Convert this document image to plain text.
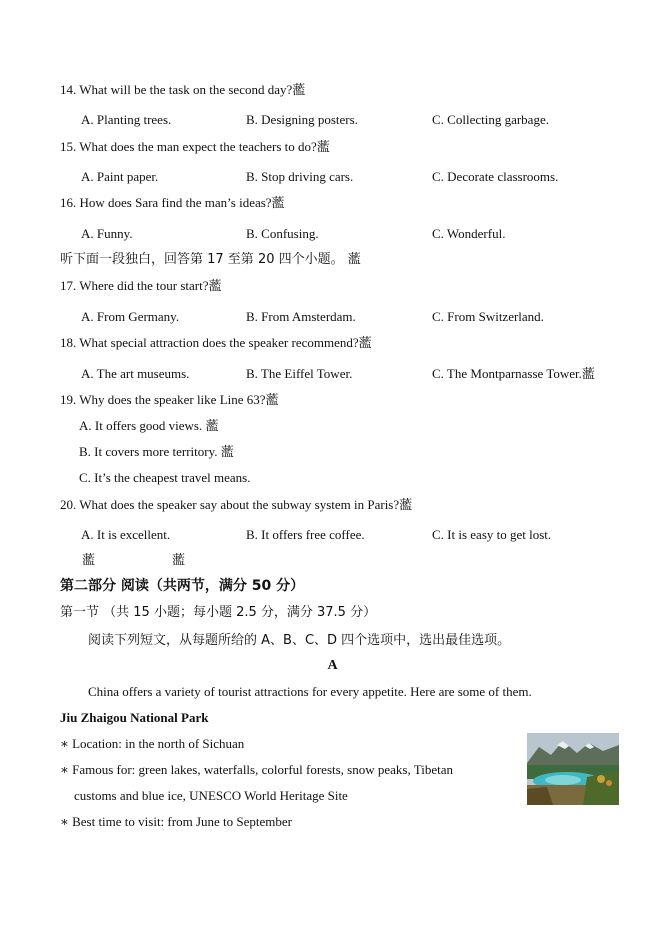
14. What will be the task on the second day?蘫
A. Planting trees.	B. Designing posters.	C. Collecting garbage.
15. What does the man expect the teachers to do?蘫
A. Paint paper.	B. Stop driving cars.	C. Decorate classrooms.
16. How does Sara find the man’s ideas?蘫
A. Funny.	B. Confusing.	C. Wonderful.
听下面一段独白，回答第 17 至第 20 四个小题。 蘫
17. Where did the tour start?蘫
A. From Germany.	B. From Amsterdam.	C. From Switzerland.
18. What special attraction does the speaker recommend?蘫
A. The art museums.	B. The Eiffel Tower.	C. The Montparnasse Tower.蘫
19. Why does the speaker like Line 63?蘫
A. It offers good views. 蘫
B. It covers more territory. 蘫
C. It’s the cheapest travel means.
20. What does the speaker say about the subway system in Paris?蘫
A. It is excellent.	B. It offers free coffee.	C. It is easy to get lost.
蘫	蘫
第二部分 阅读（共两节，满分 50 分）
第一节 （共 15 小题；每小题 2.5 分，满分 37.5 分）
阅读下列短文，从每题所给的 A、B、C、D 四个选项中，选出最佳选项。
A
China offers a variety of tourist attractions for every appetite. Here are some of them.
Jiu Zhaigou National Park
∗ Location: in the north of Sichuan
∗ Famous for: green lakes, waterfalls, colorful forests, snow peaks, Tibetan
customs and blue ice, UNESCO World Heritage Site
∗ Best time to visit: from June to September
